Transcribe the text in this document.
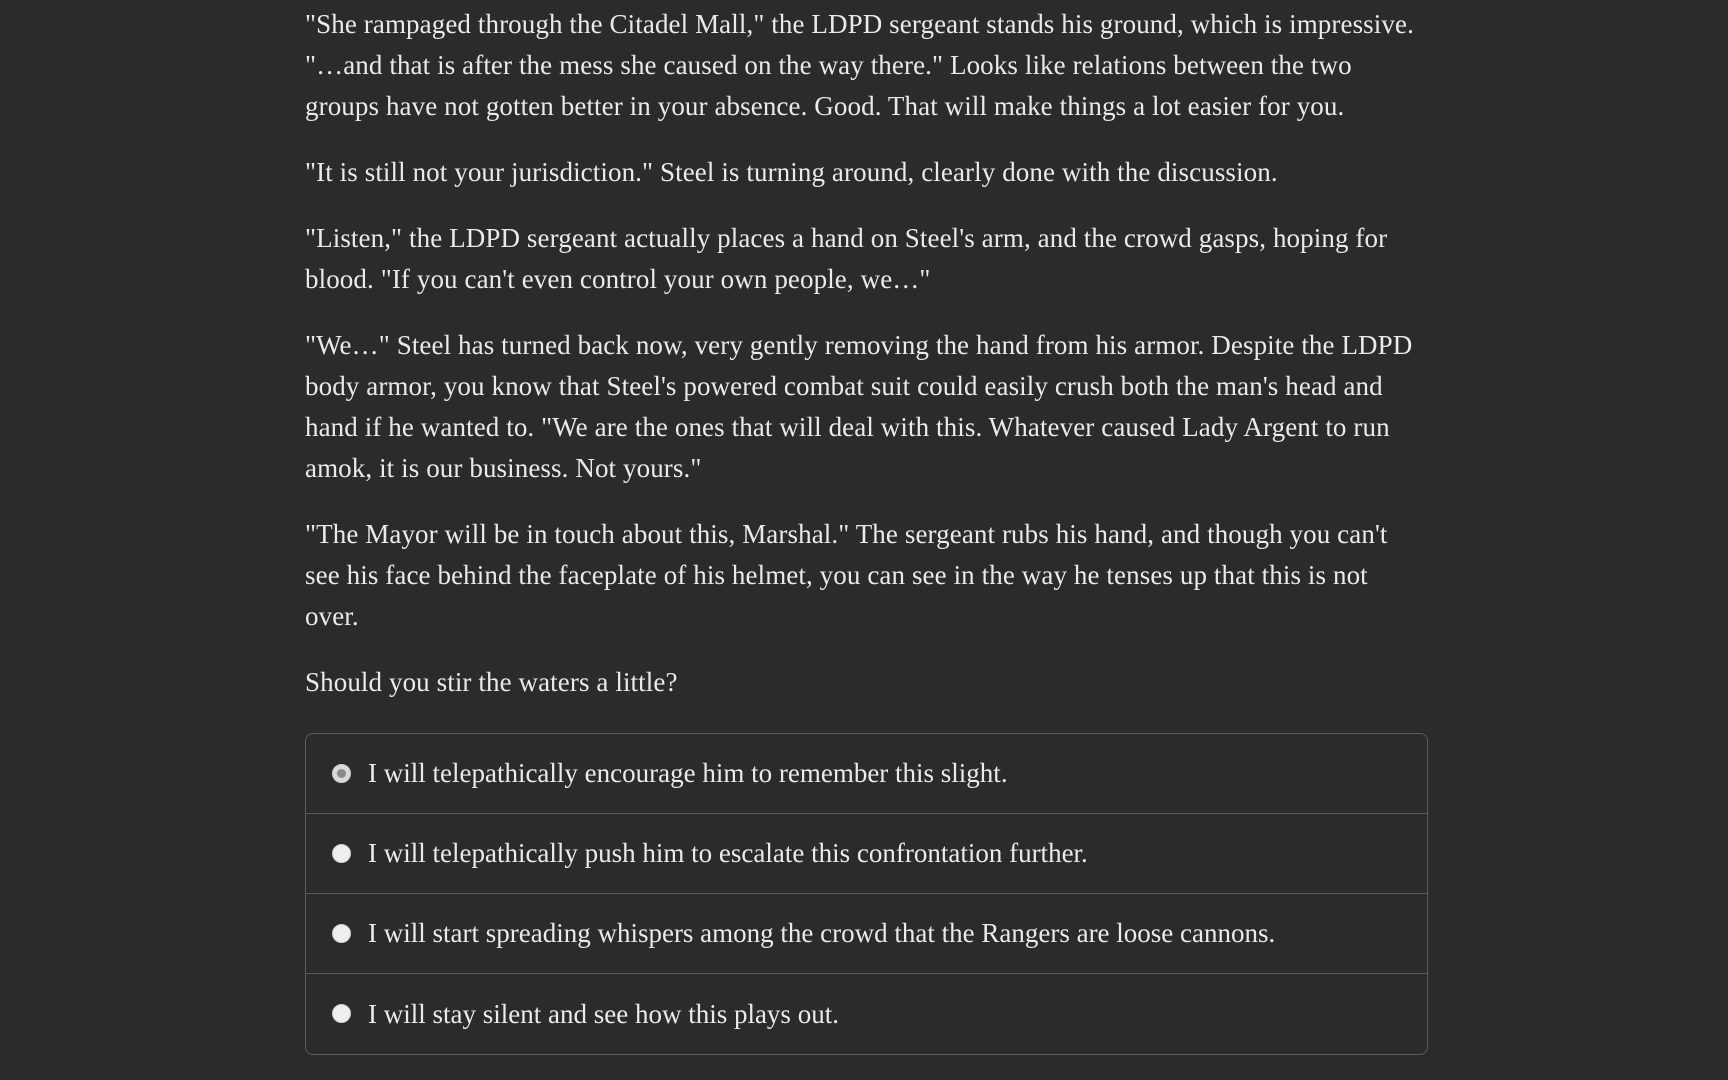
"She rampaged through the Citadel Mall," the LDPD sergeant stands his ground, which is impressive. "…and that is after the mess she caused on the way there." Looks like relations between the two groups have not gotten better in your absence. Good. That will make things a lot easier for you.

"It is still not your jurisdiction." Steel is turning around, clearly done with the discussion.

"Listen," the LDPD sergeant actually places a hand on Steel's arm, and the crowd gasps, hoping for blood. "If you can't even control your own people, we…"

"We…" Steel has turned back now, very gently removing the hand from his armor. Despite the LDPD body armor, you know that Steel's powered combat suit could easily crush both the man's head and hand if he wanted to. "We are the ones that will deal with this. Whatever caused Lady Argent to run amok, it is our business. Not yours."

"The Mayor will be in touch about this, Marshal." The sergeant rubs his hand, and though you can't see his face behind the faceplate of his helmet, you can see in the way he tenses up that this is not over.

Should you stir the waters a little?

I will telepathically encourage him to remember this slight.
I will telepathically push him to escalate this confrontation further.
I will start spreading whispers among the crowd that the Rangers are loose cannons.
I will stay silent and see how this plays out.
